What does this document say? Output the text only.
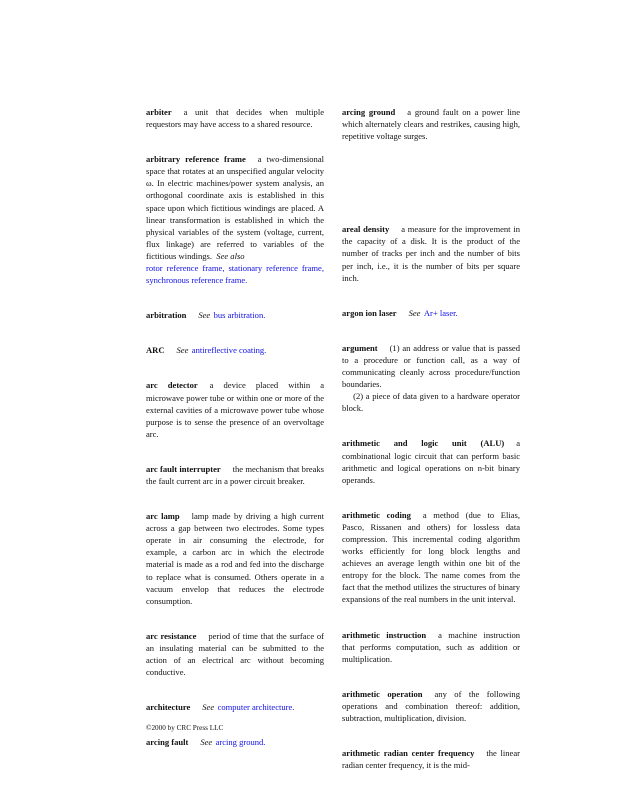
arbiter a unit that decides when multiple requestors may have access to a shared resource.

arbitrary reference frame a two-dimensional space that rotates at an unspecified angular velocity ω. In electric machines/power system analysis, an orthogonal coordinate axis is established in this space upon which fictitious windings are placed. A linear transformation is established in which the physical variables of the system (voltage, current, flux linkage) are referred to variables of the fictitious windings. See also
rotor reference frame, stationary reference frame, synchronous reference frame.

arbitration See bus arbitration.

ARC See antireflective coating.

arc detector a device placed within a microwave power tube or within one or more of the external cavities of a microwave power tube whose purpose is to sense the presence of an overvoltage arc.

arc fault interrupter the mechanism that breaks the fault current arc in a power circuit breaker.

arc lamp lamp made by driving a high current across a gap between two electrodes. Some types operate in air consuming the electrode, for example, a carbon arc in which the electrode material is made as a rod and fed into the discharge to replace what is consumed. Others operate in a vacuum envelop that reduces the electrode consumption.

arc resistance period of time that the surface of an insulating material can be submitted to the action of an electrical arc without becoming conductive.

architecture See computer architecture.

arcing fault See arcing ground.

arcing ground a ground fault on a power line which alternately clears and restrikes, causing high, repetitive voltage surges.

areal density a measure for the improvement in the capacity of a disk. It is the product of the number of tracks per inch and the number of bits per inch, i.e., it is the number of bits per square inch.

argon ion laser See Ar+ laser.

argument (1) an address or value that is passed to a procedure or function call, as a way of communicating cleanly across procedure/function boundaries.

(2) a piece of data given to a hardware operator block.

arithmetic and logic unit (ALU) a combinational logic circuit that can perform basic arithmetic and logical operations on n-bit binary operands.

arithmetic coding a method (due to Elias, Pasco, Rissanen and others) for lossless data compression. This incremental coding algorithm works efficiently for long block lengths and achieves an average length within one bit of the entropy for the block. The name comes from the fact that the method utilizes the structures of binary expansions of the real numbers in the unit interval.

arithmetic instruction a machine instruction that performs computation, such as addition or multiplication.

arithmetic operation any of the following operations and combination thereof: addition, subtraction, multiplication, division.

arithmetic radian center frequency the linear radian center frequency, it is the mid-

©2000 by CRC Press LLC
